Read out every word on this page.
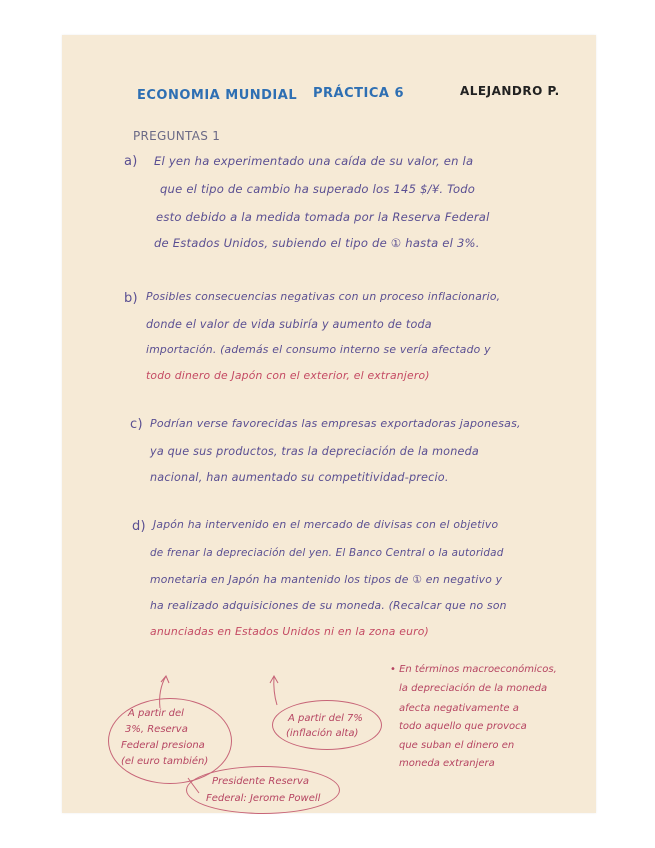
ECONOMIA MUNDIAL PRÁCTICA 6	ALEJANDRO P.
PREGUNTAS 1
a) El yen ha experimentado una caída de su valor, en la
que el tipo de cambio ha superado los 145 $/¥. Todo
esto debido a la medida tomada por la Reserva Federal
de Estados Unidos, subiendo el tipo de ① hasta el 3%.
b) Posibles consecuencias negativas con un proceso inflacionario,
donde el valor de vida subiría y aumento de toda
importación. (además el consumo interno se vería afectado y
todo dinero de Japón con el exterior, el extranjero)
c) Podrían verse favorecidas las empresas exportadoras japonesas,
ya que sus productos, tras la depreciación de la moneda
nacional, han aumentado su competitividad-precio.
d) Japón ha intervenido en el mercado de divisas con el objetivo
de frenar la depreciación del yen. El Banco Central o la autoridad
monetaria en Japón ha mantenido los tipos de ① en negativo y
ha realizado adquisiciones de su moneda. (Recalcar que no son
anunciadas en Estados Unidos ni en la zona euro)
A partir del
3%, Reserva
Federal presiona
(el euro también)
A partir del 7%
(inflación alta)
Presidente Reserva
Federal: Jerome Powell
• En términos macroeconómicos,
la depreciación de la moneda
afecta negativamente a
todo aquello que provoca
que suban el dinero en
moneda extranjera
